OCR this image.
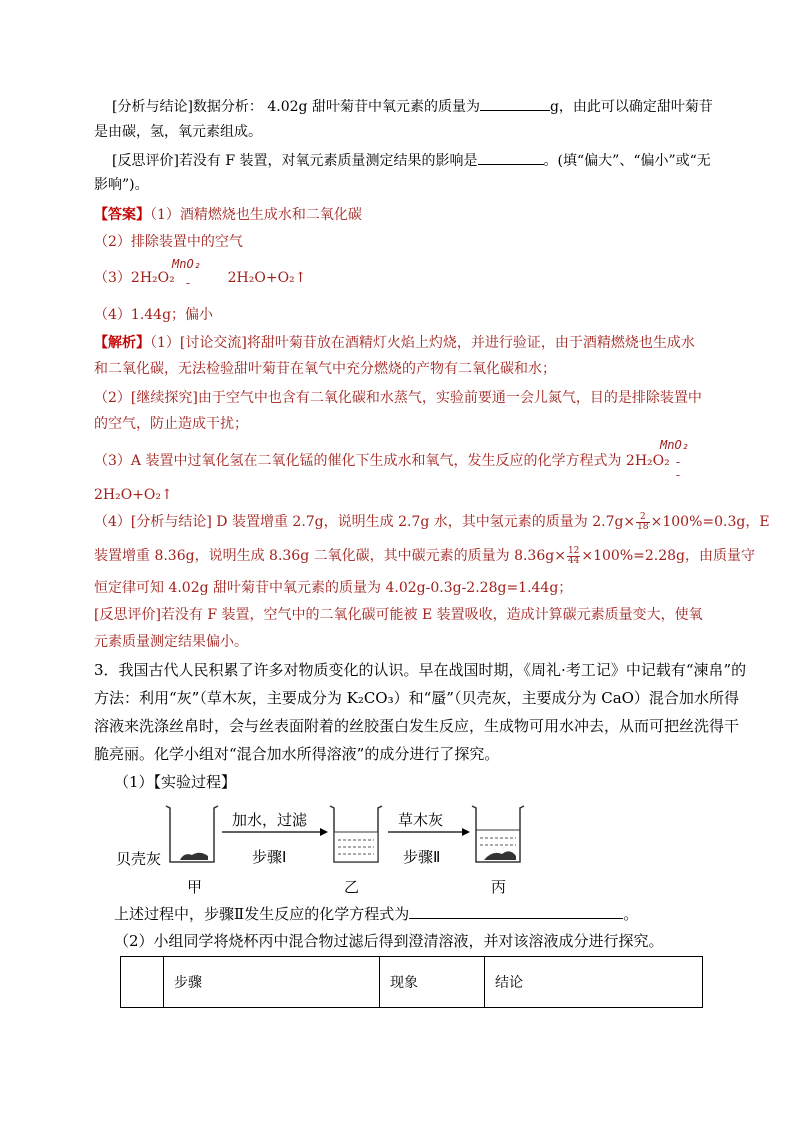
[分析与结论]数据分析： 4.02g 甜叶菊苷中氧元素的质量为	g，由此可以确定甜叶菊苷
是由碳，氢，氧元素组成。
[反思评价]若没有 F 装置，对氧元素质量测定结果的影响是	。(填“偏大”、“偏小”或“无
影响”)。
【答案】（1）酒精燃烧也生成水和二氧化碳
（2）排除装置中的空气
（3）2H₂O₂	2H₂O+O₂↑
MnO₂
-
（4）1.44g；偏小
【解析】（1）[讨论交流]将甜叶菊苷放在酒精灯火焰上灼烧，并进行验证，由于酒精燃烧也生成水
和二氧化碳，无法检验甜叶菊苷在氧气中充分燃烧的产物有二氧化碳和水；
（2）[继续探究]由于空气中也含有二氧化碳和水蒸气，实验前要通一会儿氮气，目的是排除装置中
的空气，防止造成干扰；
（3）A 装置中过氧化氢在二氧化锰的催化下生成水和氧气，发生反应的化学方程式为 2H₂O₂
MnO₂
-
-
2H₂O+O₂↑
（4）[分析与结论] D 装置增重 2.7g，说明生成 2.7g 水，其中氢元素的质量为 $2.7g\times \frac{2}{18} \times 100\%=0.3g$，E
装置增重 8.36g，说明生成 8.36g 二氧化碳，其中碳元素的质量为 $8.36g\times \frac{12}{44} \times 100\%=2.28g$，由质量守
恒定律可知 4.02g 甜叶菊苷中氧元素的质量为 4.02g-0.3g-2.28g=1.44g；
[反思评价]若没有 F 装置，空气中的二氧化碳可能被 E 装置吸收，造成计算碳元素质量变大，使氧
元素质量测定结果偏小。
3．我国古代人民积累了许多对物质变化的认识。早在战国时期，《周礼·考工记》中记载有“湅帛”的
方法：利用“灰”（草木灰，主要成分为 K₂CO₃）和“蜃”（贝壳灰，主要成分为 CaO）混合加水所得
溶液来洗涤丝帛时，会与丝表面附着的丝胶蛋白发生反应，生成物可用水冲去，从而可把丝洗得干
脆亮丽。化学小组对“混合加水所得溶液”的成分进行了探究。
（1）【实验过程】
贝壳灰
加水，过滤
步骤Ⅰ
草木灰
步骤Ⅱ
甲	乙	丙
上述过程中，步骤Ⅱ发生反应的化学方程式为	。
（2）小组同学将烧杯丙中混合物过滤后得到澄清溶液，并对该溶液成分进行探究。
	步骤	现象	结论
